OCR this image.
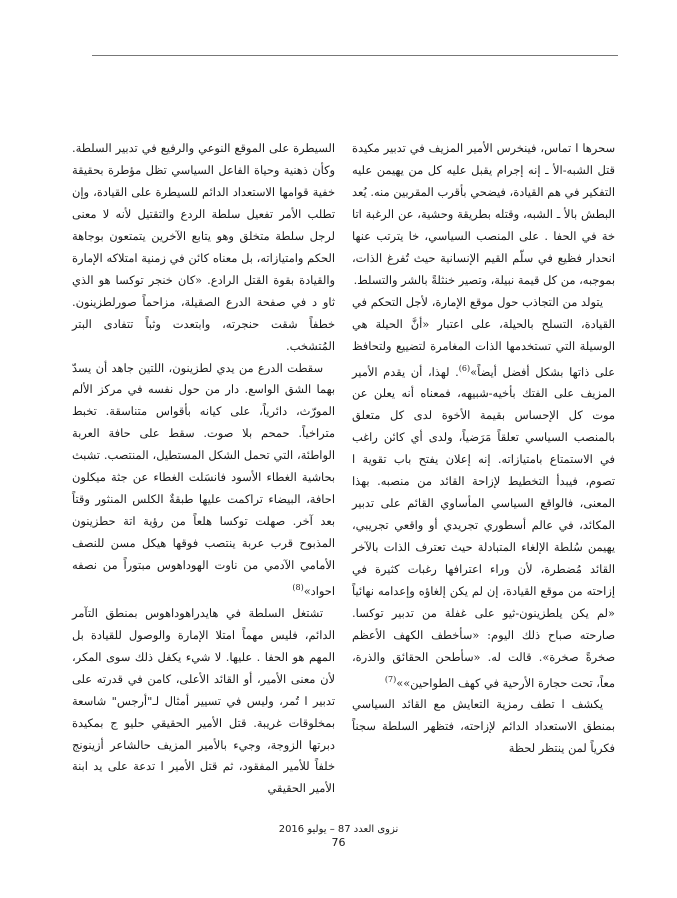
سحرها ا تماس، فينخرس الأمير المزيف في تدبير مكيدة قتل الشبه-الأ ـ إنه إجرام يقبل عليه كل من يهيمن عليه التفكير في هم القيادة، فيضحي بأقرب المقربين منه. يُعد البطش بالأ ـ الشبه، وقتله بطريقة وحشية، عن الرغبة اتا خة في الحفا . على المنصب السياسي، خا يترتب عنها انحدار فظيع في سلّم القيم الإنسانية حيث تُفرغ الذات، بموجبه، من كل قيمة نبيلة، وتصير خنثلةً بالشر والتسلط.

يتولد من التجاذب حول موقع الإمارة، لأجل التحكم في القيادة، التسلح بالحيلة، على اعتبار «أنَّ الحيلة هي الوسيلة التي تستخدمها الذات المغامرة لتضييع ولتحافظ على ذاتها بشكل أفضل أيضاً»$^{(6)}$. لهذا، أن يقدم الأمير المزيف على الفتك بأخيه-شبيهه، فمعناه أنه يعلن عن موت كل الإحساس بقيمة الأخوة لدى كل متعلق بالمنصب السياسي تعلقاً مَرَضياً، ولدى أي كائن راغب في الاستمتاع بامتيازاته. إنه إعلان يفتح باب تقوية ا تصوم، فيبدأ التخطيط لإزاحة القائد من منصبه. بهذا المعنى، فالواقع السياسي المأساوي القائم على تدبير المكائد، في عالم أسطوري تجريدي أو واقعي تجريبي، يهيمن سُلطة الإلغاء المتبادلة حيث تعترف الذات بالآخر القائد مُضطرة، لأن وراء اعترافها رغبات كثيرة في إزاحته من موقع القيادة، إن لم يكن إلغاؤه وإعدامه نهائياً «لم يكن يلطزينون-ثيو على غفلة من تدبير توكسا. صارحته صباح ذلك اليوم: «سأخطف الكهف الأعظم صخرةً صخرة». قالت له. «سأطحن الحقائق والذرة، معاً، تحت حجارة الأرحية في كهف الطواحين»»$^{(7)}$

يكشف ا تطف رمزية التعايش مع القائد السياسي بمنطق الاستعداد الدائم لإزاحته، فتظهر السلطة سجناً فكرياً لمن ينتظر لحظة

السيطرة على الموقع النوعي والرفيع في تدبير السلطة. وكأن ذهنية وحياة الفاعل السياسي تظل مؤطرة بحقيقة خفية قوامها الاستعداد الدائم للسيطرة على القيادة، وإن تطلب الأمر تفعيل سلطة الردع والتقتيل لأنه لا معنى لرجل سلطة متخلق وهو يتابع الآخرين يتمتعون بوجاهة الحكم وامتيازاته، بل معناه كائن في زمنية امتلاكه الإمارة والقيادة بقوة القتل الرادع. «كان خنجر توكسا هو الذي ثاو د في صفحة الدرع الصقيلة، مزاحماً صورلطزينون. خطفاً شقت حنجرته، وابتعدت وثباً تتفادى البتر المُتشخب.

سقطت الدرع من يدي لطزينون، اللتين جاهد أن يسدّ بهما الشق الواسع. دار من حول نفسه في مركز الألم المورّث، دائرياً، على كيانه بأقواس متناسقة. تخبط متراخياً. حمحم بلا صوت. سقط على حافة العربة الواطئة، التي تحمل الشكل المستطيل، المنتصب. تشبث بحاشية الغطاء الأسود فانسَلت الغطاء عن جثة ميكلون احافة، البيضاء تراكمت عليها طبقةٌ الكلس المنثور وقتاً بعد آخر. صهلت توكسا هلعاً من رؤية اتة حطزينون المذبوح قرب عربة ينتصب فوقها هيكل مسن للنصف الأمامي الآدمي من ناوت الهوداهوس مبتوراً من نصفه احواد»$^{(8)}$

تشتغل السلطة في هايدراهوداهوس بمنطق التآمر الدائم، فليس مهماً امتلا الإمارة والوصول للقيادة بل المهم هو الحفا . عليها. لا شيء يكفل ذلك سوى المكر، لأن معنى الأمير، أو القائد الأعلى، كامن في قدرته على تدبير ا تُمر، وليس في تسيير أمثال لـ"أرجس" شاسعة بمخلوقات غريبة. قتل الأمير الحقيقي حليو ج بمكيدة دبرتها الزوجة، وجيء بالأمير المزيف حالشاعر أزينونج خلفاً للأمير المفقود، ثم قتل الأمير ا تدعة على يد ابنة الأمير الحقيقي

نزوى العدد 87 – يوليو 2016
76
